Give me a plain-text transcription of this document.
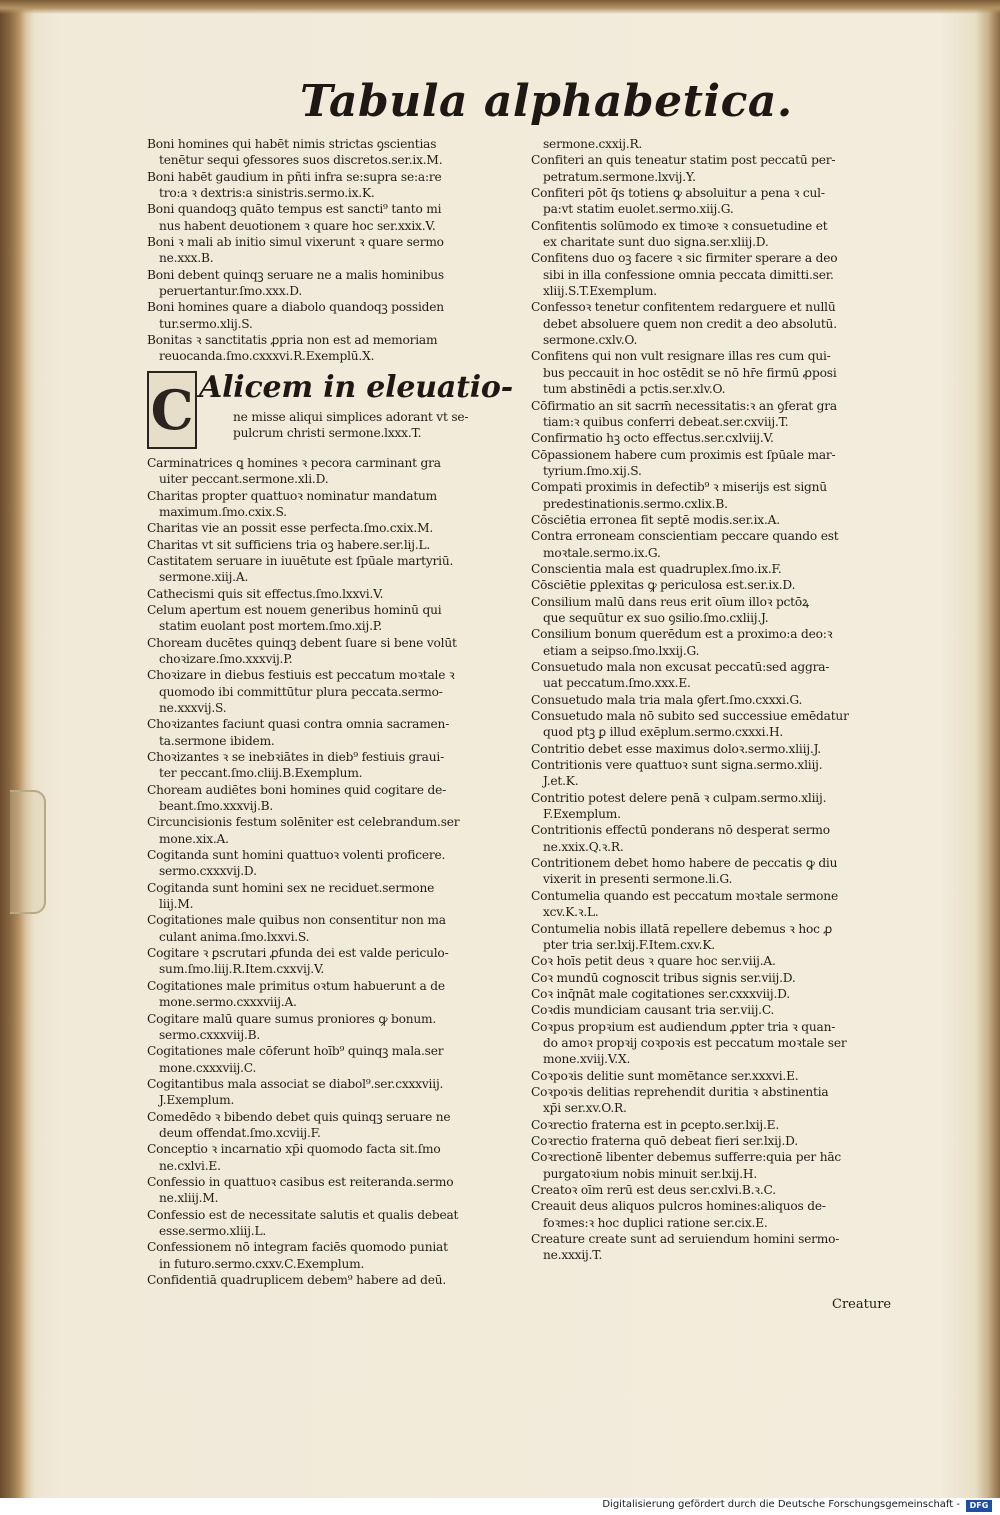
Tabula alphabetica.

Boni homines qui habēt nimis strictas ꝯscientias

tenētur sequi ꝯfessores suos discretos.ser.ix.M.

Boni habēt gaudium in pñti infra se:supra se:a:re

tro:a ꝛ dextris:a sinistris.sermo.ix.K.

Boni quandoqꝫ quāto tempus est sancti⁹ tanto mi

nus habent deuotionem ꝛ quare hoc ser.xxix.V.

Boni ꝛ mali ab initio simul vixerunt ꝛ quare sermo

ne.xxx.B.

Boni debent quinqꝫ seruare ne a malis hominibus

peruertantur.ſmo.xxx.D.

Boni homines quare a diabolo quandoqꝫ possiden

tur.sermo.xlij.S.

Bonitas ꝛ sanctitatis ꝓpria non est ad memoriam

reuocanda.ſmo.cxxxvi.R.Exemplū.X.

C Alicem in eleuatio-

ne misse aliqui simplices adorant vt se-

pulcrum christi sermone.lxxx.T.

Carminatrices ꝗ homines ꝛ pecora carminant gra

uiter peccant.sermone.xli.D.

Charitas propter quattuoꝛ nominatur mandatum

maximum.ſmo.cxix.S.

Charitas vie an possit esse perfecta.ſmo.cxix.M.

Charitas vt sit sufficiens tria oꝫ habere.ser.lij.L.

Castitatem seruare in iuuētute est ſpūale martyriū.

sermone.xiij.A.

Cathecismi quis sit effectus.ſmo.lxxvi.V.

Celum apertum est nouem generibus hominū qui

statim euolant post mortem.ſmo.xij.P.

Choream ducētes quinqꝫ debent ſuare si bene volūt

choꝛizare.ſmo.xxxvij.P.

Choꝛizare in diebus festiuis est peccatum moꝛtale ꝛ

quomodo ibi committūtur plura peccata.sermo-

ne.xxxvij.S.

Choꝛizantes faciunt quasi contra omnia sacramen-

ta.sermone ibidem.

Choꝛizantes ꝛ se inebꝛiātes in dieb⁹ festiuis graui-

ter peccant.ſmo.cliij.B.Exemplum.

Choream audiētes boni homines quid cogitare de-

beant.ſmo.xxxvij.B.

Circuncisionis festum solēniter est celebrandum.ser

mone.xix.A.

Cogitanda sunt homini quattuoꝛ volenti proficere.

sermo.cxxxvij.D.

Cogitanda sunt homini sex ne reciduet.sermone

liij.M.

Cogitationes male quibus non consentitur non ma

culant anima.ſmo.lxxvi.S.

Cogitare ꝛ ꝑscrutari ꝓfunda dei est valde periculo-

sum.ſmo.liij.R.Item.cxxvij.V.

Cogitationes male primitus oꝛtum habuerunt a de

mone.sermo.cxxxviij.A.

Cogitare malū quare sumus proniores ꝙ bonum.

sermo.cxxxviij.B.

Cogitationes male cōferunt hoīb⁹ quinqꝫ mala.ser

mone.cxxxviij.C.

Cogitantibus mala associat se diabol⁹.ser.cxxxviij.

J.Exemplum.

Comedēdo ꝛ bibendo debet quis quinqꝫ seruare ne

deum offendat.ſmo.xcviij.F.

Conceptio ꝛ incarnatio xp̄i quomodo facta sit.ſmo

ne.cxlvi.E.

Confessio in quattuoꝛ casibus est reiteranda.sermo

ne.xliij.M.

Confessio est de necessitate salutis et qualis debeat

esse.sermo.xliij.L.

Confessionem nō integram faciēs quomodo puniat

in futuro.sermo.cxxv.C.Exemplum.

Confidentiā quadruplicem debem⁹ habere ad deū.

sermone.cxxij.R.

Confiteri an quis teneatur statim post peccatū per-

petratum.sermone.lxvij.Y.

Confiteri pōt q̄s totiens ꝙ absoluitur a pena ꝛ cul-

pa:vt statim euolet.sermo.xiij.G.

Confitentis solūmodo ex timoꝛe ꝛ consuetudine et

ex charitate sunt duo signa.ser.xliij.D.

Confitens duo oꝫ facere ꝛ sic firmiter sperare a deo

sibi in illa confessione omnia peccata dimitti.ser.

xliij.S.T.Exemplum.

Confessoꝛ tenetur confitentem redarguere et nullū

debet absoluere quem non credit a deo absolutū.

sermone.cxlv.O.

Confitens qui non vult resignare illas res cum qui-

bus peccauit in hoc ostēdit se nō hr̄e firmū ꝓposi

tum abstinēdi a pctis.ser.xlv.O.

Cōfirmatio an sit sacrm̄ necessitatis:ꝛ an ꝯferat gra

tiam:ꝛ quibus conferri debeat.ser.cxviij.T.

Confirmatio hꝫ octo effectus.ser.cxlviij.V.

Cōpassionem habere cum proximis est ſpūale mar-

tyrium.ſmo.xij.S.

Compati proximis in defectib⁹ ꝛ miserijs est signū

predestinationis.sermo.cxlix.B.

Cōsciētia erronea fit septē modis.ser.ix.A.

Contra erroneam conscientiam peccare quando est

moꝛtale.sermo.ix.G.

Conscientia mala est quadruplex.ſmo.ix.F.

Cōsciētie ꝑplexitas ꝙ periculosa est.ser.ix.D.

Consilium malū dans reus erit oīum illoꝛ pctōꝝ

que sequūtur ex suo ꝯsilio.ſmo.cxliij.J.

Consilium bonum querēdum est a proximo:a deo:ꝛ

etiam a seipso.ſmo.lxxij.G.

Consuetudo mala non excusat peccatū:sed aggra-

uat peccatum.ſmo.xxx.E.

Consuetudo mala tria mala ꝯfert.ſmo.cxxxi.G.

Consuetudo mala nō subito sed successiue emēdatur

quod ptꝫ ꝑ illud exēplum.sermo.cxxxi.H.

Contritio debet esse maximus doloꝛ.sermo.xliij.J.

Contritionis vere quattuoꝛ sunt signa.sermo.xliij.

J.et.K.

Contritio potest delere penā ꝛ culpam.sermo.xliij.

F.Exemplum.

Contritionis effectū ponderans nō desperat sermo

ne.xxix.Q.ꝛ.R.

Contritionem debet homo habere de peccatis ꝙ diu

vixerit in presenti sermone.li.G.

Contumelia quando est peccatum moꝛtale sermone

xcv.K.ꝛ.L.

Contumelia nobis illatā repellere debemus ꝛ hoc ꝓ

pter tria ser.lxij.F.Item.cxv.K.

Coꝛ hoīs petit deus ꝛ quare hoc ser.viij.A.

Coꝛ mundū cognoscit tribus signis ser.viij.D.

Coꝛ inq̄nāt male cogitationes ser.cxxxviij.D.

Coꝛdis mundiciam causant tria ser.viij.C.

Coꝛpus propꝛium est audiendum ꝓpter tria ꝛ quan-

do amoꝛ propꝛij coꝛpoꝛis est peccatum moꝛtale ser

mone.xviij.V.X.

Coꝛpoꝛis delitie sunt momētance ser.xxxvi.E.

Coꝛpoꝛis delitias reprehendit duritia ꝛ abstinentia

xp̄i ser.xv.O.R.

Coꝛrectio fraterna est in ꝑcepto.ser.lxij.E.

Coꝛrectio fraterna quō debeat fieri ser.lxij.D.

Coꝛrectionē libenter debemus sufferre:quia per hāc

purgatoꝛium nobis minuit ser.lxij.H.

Creatoꝛ oīm rerū est deus ser.cxlvi.B.ꝛ.C.

Creauit deus aliquos pulcros homines:aliquos de-

foꝛmes:ꝛ hoc duplici ratione ser.cix.E.

Creature create sunt ad seruiendum homini sermo-

ne.xxxij.T.

Creature
Digitalisierung gefördert durch die Deutsche Forschungsgemeinschaft -	DFG
